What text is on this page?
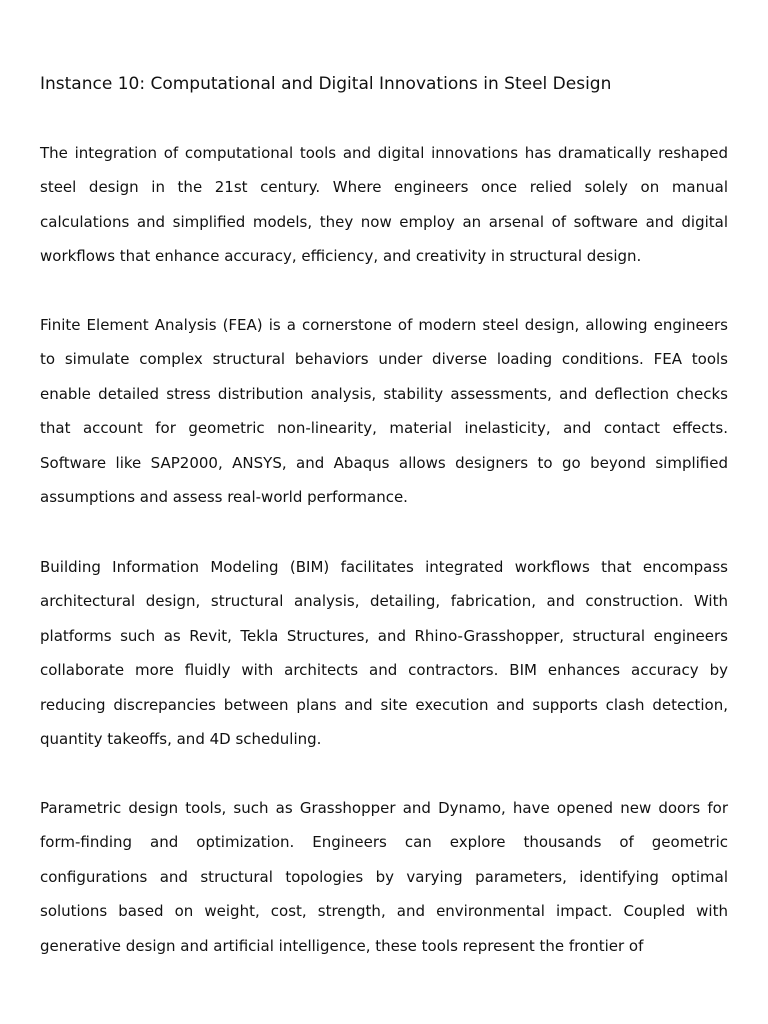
Instance 10: Computational and Digital Innovations in Steel Design

The integration of computational tools and digital innovations has dramatically reshaped steel design in the 21st century. Where engineers once relied solely on manual calculations and simplified models, they now employ an arsenal of software and digital workflows that enhance accuracy, efficiency, and creativity in structural design.

Finite Element Analysis (FEA) is a cornerstone of modern steel design, allowing engineers to simulate complex structural behaviors under diverse loading conditions. FEA tools enable detailed stress distribution analysis, stability assessments, and deflection checks that account for geometric non-linearity, material inelasticity, and contact effects. Software like SAP2000, ANSYS, and Abaqus allows designers to go beyond simplified assumptions and assess real-world performance.

Building Information Modeling (BIM) facilitates integrated workflows that encompass architectural design, structural analysis, detailing, fabrication, and construction. With platforms such as Revit, Tekla Structures, and Rhino-Grasshopper, structural engineers collaborate more fluidly with architects and contractors. BIM enhances accuracy by reducing discrepancies between plans and site execution and supports clash detection, quantity takeoffs, and 4D scheduling.

Parametric design tools, such as Grasshopper and Dynamo, have opened new doors for form-finding and optimization. Engineers can explore thousands of geometric configurations and structural topologies by varying parameters, identifying optimal solutions based on weight, cost, strength, and environmental impact. Coupled with generative design and artificial intelligence, these tools represent the frontier of
